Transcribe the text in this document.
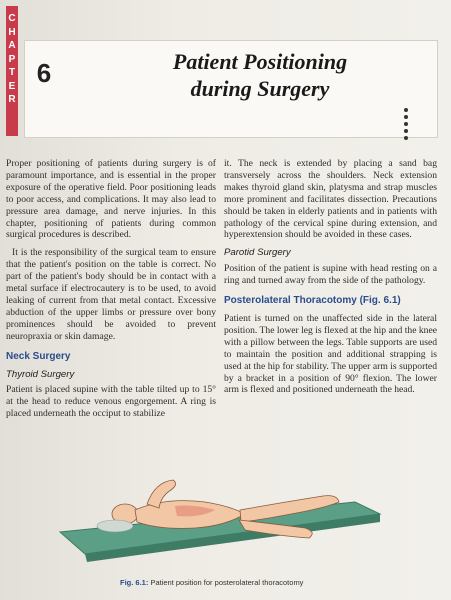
C
H
A
P
T
E
R
6	Patient Positioning
during Surgery

Proper positioning of patients during surgery is of paramount importance, and is essential in the proper exposure of the operative field. Poor positioning leads to poor access, and complications. It may also lead to pressure area damage, and nerve injuries. In this chapter, positioning of patients during common surgical procedures is described.

It is the responsibility of the surgical team to ensure that the patient's position on the table is correct. No part of the patient's body should be in contact with a metal surface if electrocautery is to be used, to avoid leaking of current from that metal contact. Excessive abduction of the upper limbs or pressure over bony prominences should be avoided to prevent neuropraxia or skin damage.

Neck Surgery
Thyroid Surgery

Patient is placed supine with the table tilted up to 15° at the head to reduce venous engorgement. A ring is placed underneath the occiput to stabilize

it. The neck is extended by placing a sand bag transversely across the shoulders. Neck extension makes thyroid gland skin, platysma and strap muscles more prominent and facilitates dissection. Precautions should be taken in elderly patients and in patients with pathology of the cervical spine during extension, and hyperextension should be avoided in these cases.

Parotid Surgery

Position of the patient is supine with head resting on a ring and turned away from the side of the pathology.

Posterolateral Thoracotomy (Fig. 6.1)

Patient is turned on the unaffected side in the lateral position. The lower leg is flexed at the hip and the knee with a pillow between the legs. Table supports are used to maintain the position and additional strapping is used at the hip for stability. The upper arm is supported by a bracket in a position of 90° flexion. The lower arm is flexed and positioned underneath the head.

Fig. 6.1: Patient position for posterolateral thoracotomy
